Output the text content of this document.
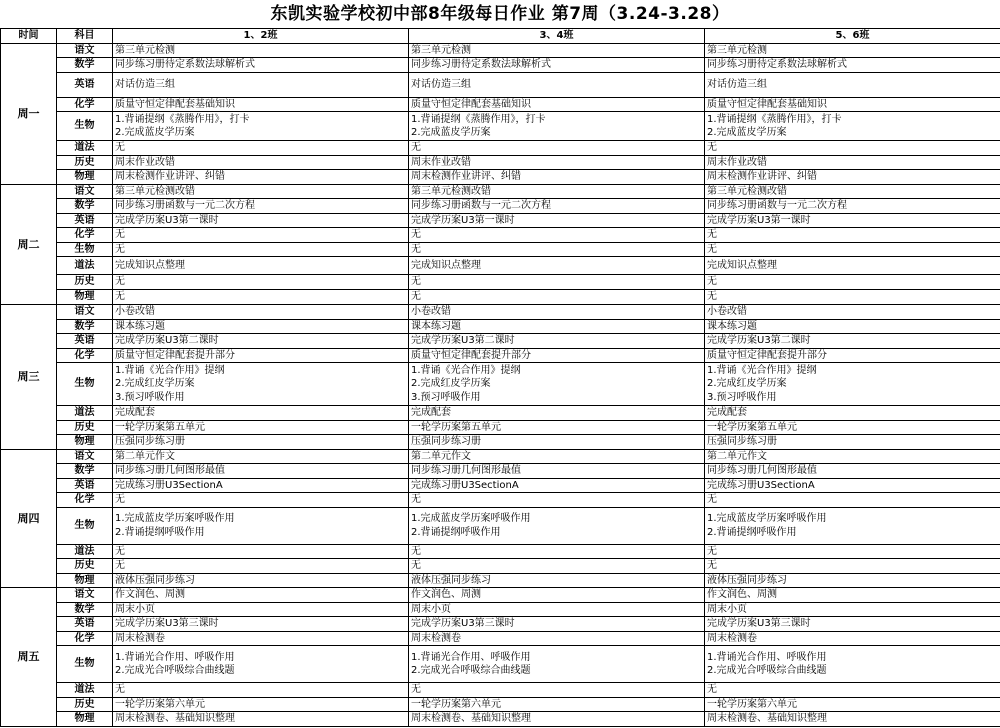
东凯实验学校初中部8年级每日作业 第7周（3.24-3.28）
时间	科目	1、2班	3、4班	5、6班
周一	语文	第三单元检测	第三单元检测	第三单元检测

	数学	同步练习册待定系数法球解析式	同步练习册待定系数法球解析式	同步练习册待定系数法球解析式

	英语	对话仿造三组	对话仿造三组	对话仿造三组

	化学	质量守恒定律配套基础知识	质量守恒定律配套基础知识	质量守恒定律配套基础知识

	生物	1.背诵提纲《蒸腾作用》，打卡
2.完成蓝皮学历案	1.背诵提纲《蒸腾作用》，打卡
2.完成蓝皮学历案	1.背诵提纲《蒸腾作用》，打卡
2.完成蓝皮学历案

	道法	无	无	无

	历史	周末作业改错	周末作业改错	周末作业改错

	物理	周末检测作业讲评、纠错	周末检测作业讲评、纠错	周末检测作业讲评、纠错

周二	语文	第三单元检测改错	第三单元检测改错	第三单元检测改错

	数学	同步练习册函数与一元二次方程	同步练习册函数与一元二次方程	同步练习册函数与一元二次方程

	英语	完成学历案U3第一课时	完成学历案U3第一课时	完成学历案U3第一课时

	化学	无	无	无

	生物	无	无	无

	道法	完成知识点整理	完成知识点整理	完成知识点整理

	历史	无	无	无

	物理	无	无	无

周三	语文	小卷改错	小卷改错	小卷改错

	数学	课本练习题	课本练习题	课本练习题

	英语	完成学历案U3第二课时	完成学历案U3第二课时	完成学历案U3第二课时

	化学	质量守恒定律配套提升部分	质量守恒定律配套提升部分	质量守恒定律配套提升部分

	生物	1.背诵《光合作用》提纲
2.完成红皮学历案
3.预习呼吸作用	1.背诵《光合作用》提纲
2.完成红皮学历案
3.预习呼吸作用	1.背诵《光合作用》提纲
2.完成红皮学历案
3.预习呼吸作用

	道法	完成配套	完成配套	完成配套

	历史	一轮学历案第五单元	一轮学历案第五单元	一轮学历案第五单元

	物理	压强同步练习册	压强同步练习册	压强同步练习册

周四	语文	第二单元作文	第二单元作文	第二单元作文

	数学	同步练习册几何图形最值	同步练习册几何图形最值	同步练习册几何图形最值

	英语	完成练习册U3SectionA	完成练习册U3SectionA	完成练习册U3SectionA

	化学	无	无	无

	生物	1.完成蓝皮学历案呼吸作用
2.背诵提纲呼吸作用	1.完成蓝皮学历案呼吸作用
2.背诵提纲呼吸作用	1.完成蓝皮学历案呼吸作用
2.背诵提纲呼吸作用

	道法	无	无	无

	历史	无	无	无

	物理	液体压强同步练习	液体压强同步练习	液体压强同步练习

周五	语文	作文润色、周测	作文润色、周测	作文润色、周测

	数学	周末小页	周末小页	周末小页

	英语	完成学历案U3第三课时	完成学历案U3第三课时	完成学历案U3第三课时

	化学	周末检测卷	周末检测卷	周末检测卷

	生物	1.背诵光合作用、呼吸作用
2.完成光合呼吸综合曲线题	1.背诵光合作用、呼吸作用
2.完成光合呼吸综合曲线题	1.背诵光合作用、呼吸作用
2.完成光合呼吸综合曲线题

	道法	无	无	无

	历史	一轮学历案第六单元	一轮学历案第六单元	一轮学历案第六单元

	物理	周末检测卷、基础知识整理	周末检测卷、基础知识整理	周末检测卷、基础知识整理
